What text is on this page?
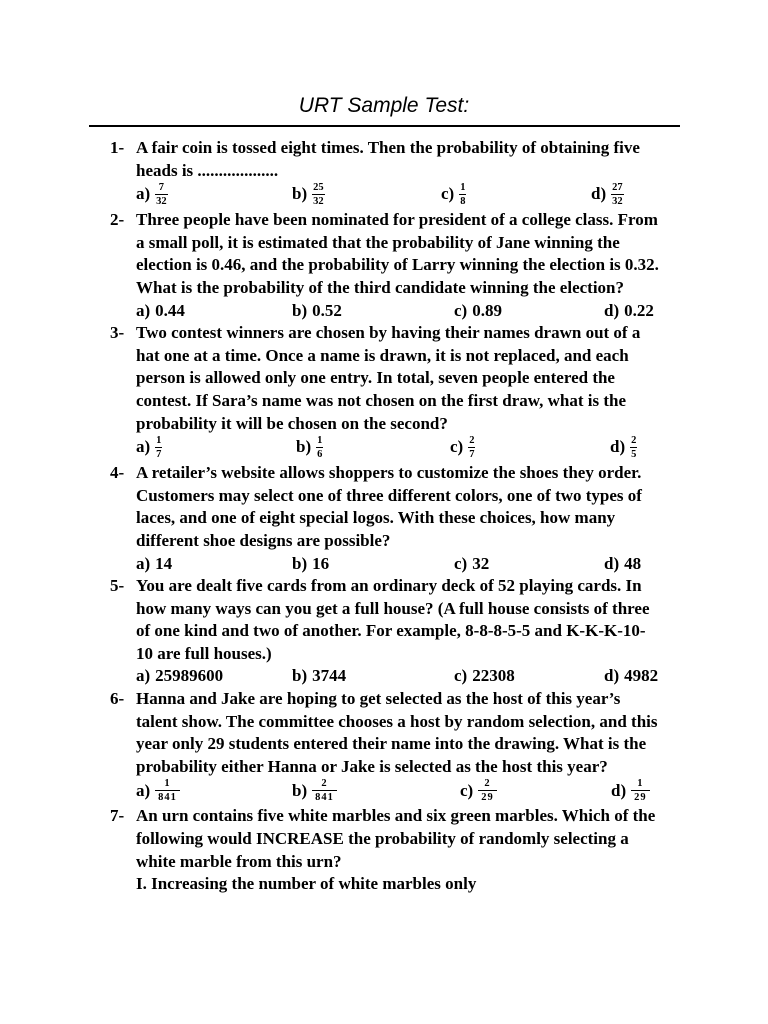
URT Sample Test:
1- A fair coin is tossed eight times. Then the probability of obtaining five
heads is ...................
$a) \frac{7}{32}$	$b) \frac{25}{32}$	$c) \frac{1}{8}$	$d) \frac{27}{32}$
2- Three people have been nominated for president of a college class. From
a small poll, it is estimated that the probability of Jane winning the
election is 0.46, and the probability of Larry winning the election is 0.32.
What is the probability of the third candidate winning the election?
a) 0.44	b) 0.52	c) 0.89	d) 0.22
3- Two contest winners are chosen by having their names drawn out of a
hat one at a time. Once a name is drawn, it is not replaced, and each
person is allowed only one entry. In total, seven people entered the
contest. If Sara’s name was not chosen on the first draw, what is the
probability it will be chosen on the second?
$a) \frac{1}{7}$	$b) \frac{1}{6}$	$c) \frac{2}{7}$	$d) \frac{2}{5}$
4- A retailer’s website allows shoppers to customize the shoes they order.
Customers may select one of three different colors, one of two types of
laces, and one of eight special logos. With these choices, how many
different shoe designs are possible?
a) 14	b) 16	c) 32	d) 48
5- You are dealt five cards from an ordinary deck of 52 playing cards. In
how many ways can you get a full house? (A full house consists of three
of one kind and two of another. For example, 8-8-8-5-5 and K-K-K-10-
10 are full houses.)
a) 25989600	b) 3744	c) 22308	d) 4982
6- Hanna and Jake are hoping to get selected as the host of this year’s
talent show. The committee chooses a host by random selection, and this
year only 29 students entered their name into the drawing. What is the
probability either Hanna or Jake is selected as the host this year?
$a) \frac{1}{841}$	$b) \frac{2}{841}$	$c) \frac{2}{29}$	$d) \frac{1}{29}$
7- An urn contains five white marbles and six green marbles. Which of the
following would INCREASE the probability of randomly selecting a
white marble from this urn?
I. Increasing the number of white marbles only
